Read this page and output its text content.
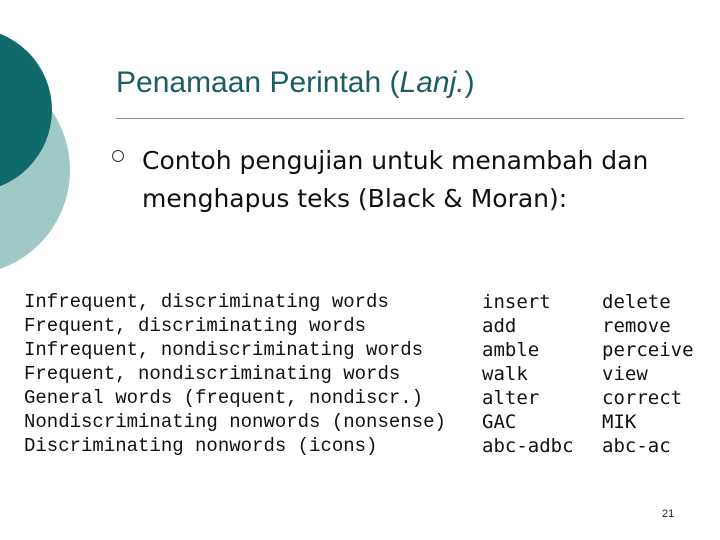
Penamaan Perintah (Lanj.)
Contoh pengujian untuk menambah dan menghapus teks (Black & Moran):
Infrequent, discriminating words
Frequent, discriminating words
Infrequent, nondiscriminating words
Frequent, nondiscriminating words
General words (frequent, nondiscr.)
Nondiscriminating nonwords (nonsense)
Discriminating nonwords (icons)
insert
add
amble
walk
alter
GAC
abc-adbc
delete
remove
perceive
view
correct
MIK
abc-ac
21
